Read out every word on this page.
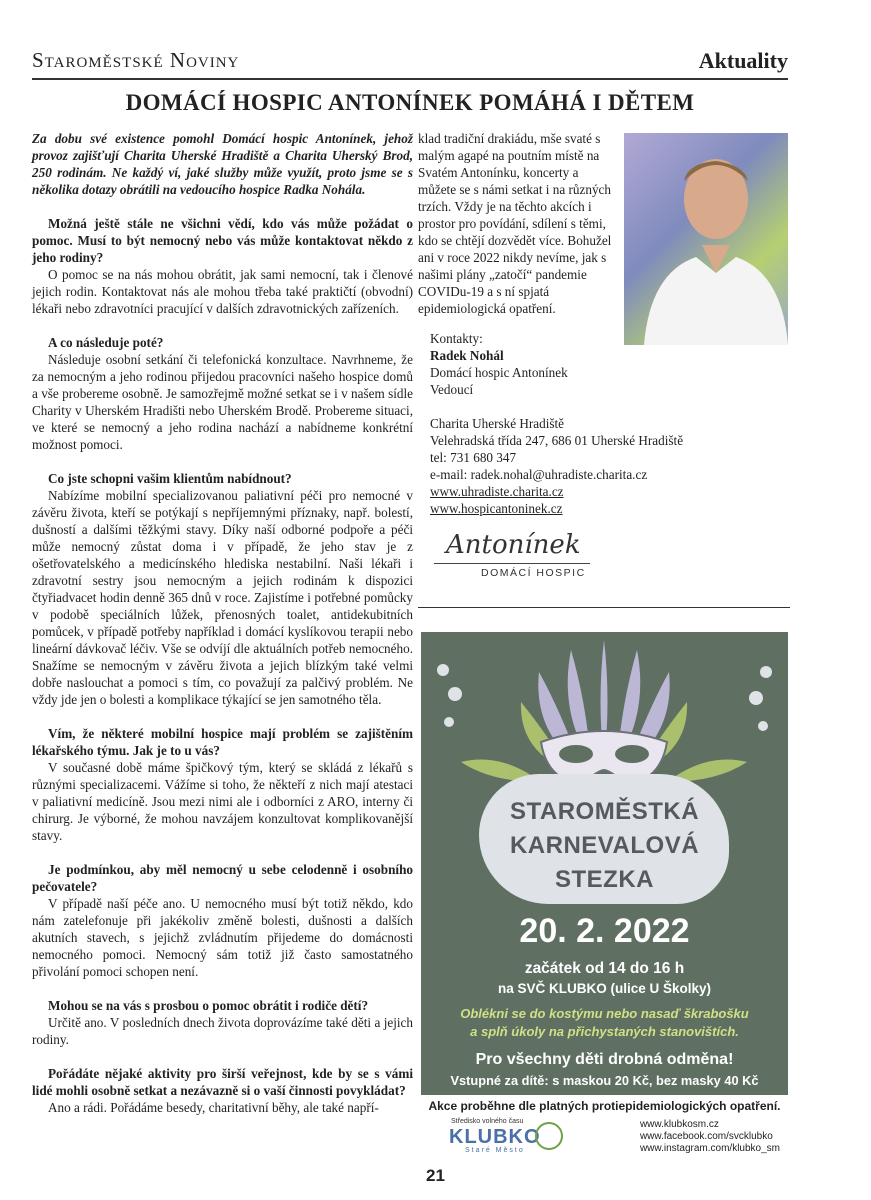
Staroměstské Noviny	Aktuality
DOMÁCÍ HOSPIC ANTONÍNEK POMÁHÁ I DĚTEM

Za dobu své existence pomohl Domácí hospic Antonínek, jehož provoz zajišťují Charita Uherské Hradiště a Charita Uherský Brod, 250 rodinám. Ne každý ví, jaké služby může využít, proto jsme se s několika dotazy obrátili na vedoucího hospice Radka Nohála.

Možná ještě stále ne všichni vědí, kdo vás může požádat o pomoc. Musí to být nemocný nebo vás může kontaktovat někdo z jeho rodiny?

O pomoc se na nás mohou obrátit, jak sami nemocní, tak i členové jejich rodin. Kontaktovat nás ale mohou třeba také praktičtí (obvodní) lékaři nebo zdravotníci pracující v dalších zdravotnických zařízeních.

A co následuje poté?

Následuje osobní setkání či telefonická konzultace. Navrhneme, že za nemocným a jeho rodinou přijedou pracovníci našeho hospice domů a vše probereme osobně. Je samozřejmě možné setkat se i v našem sídle Charity v Uherském Hradišti nebo Uherském Brodě. Probereme situaci, ve které se nemocný a jeho rodina nachází a nabídneme konkrétní možnost pomoci.

Co jste schopni vašim klientům nabídnout?

Nabízíme mobilní specializovanou paliativní péči pro nemocné v závěru života, kteří se potýkají s nepříjemnými příznaky, např. bolestí, dušností a dalšími těžkými stavy. Díky naší odborné podpoře a péči může nemocný zůstat doma i v případě, že jeho stav je z ošetřovatelského a medicínského hlediska nestabilní. Naši lékaři i zdravotní sestry jsou nemocným a jejich rodinám k dispozici čtyřiadvacet hodin denně 365 dnů v roce. Zajistíme i potřebné pomůcky v podobě speciálních lůžek, přenosných toalet, antidekubitních pomůcek, v případě potřeby například i domácí kyslíkovou terapii nebo lineární dávkovač léčiv. Vše se odvíjí dle aktuálních potřeb nemocného. Snažíme se nemocným v závěru života a jejich blízkým také velmi dobře naslouchat a pomoci s tím, co považují za palčivý problém. Ne vždy jde jen o bolesti a komplikace týkající se jen samotného těla.

Vím, že některé mobilní hospice mají problém se zajištěním lékařského týmu. Jak je to u vás?

V současné době máme špičkový tým, který se skládá z lékařů s různými specializacemi. Vážíme si toho, že někteří z nich mají atestaci v paliativní medicíně. Jsou mezi nimi ale i odborníci z ARO, interny či chirurg. Je výborné, že mohou navzájem konzultovat komplikovanější stavy.

Je podmínkou, aby měl nemocný u sebe celodenně i osobního pečovatele?

V případě naší péče ano. U nemocného musí být totiž někdo, kdo nám zatelefonuje při jakékoliv změně bolesti, dušnosti a dalších akutních stavech, s jejichž zvládnutím přijedeme do domácnosti nemocného pomoci. Nemocný sám totiž již často samostatného přivolání pomoci schopen není.

Mohou se na vás s prosbou o pomoc obrátit i rodiče dětí?

Určitě ano. V posledních dnech života doprovázíme také děti a jejich rodiny.

Pořádáte nějaké aktivity pro širší veřejnost, kde by se s vámi lidé mohli osobně setkat a nezávazně si o vaší činnosti povykládat?

Ano a rádi. Pořádáme besedy, charitativní běhy, ale také napří-

klad tradiční drakiádu, mše svaté s malým agapé na poutním místě na Svatém Antonínku, koncerty a můžete se s námi setkat i na různých trzích. Vždy je na těchto akcích i prostor pro povídání, sdílení s těmi, kdo se chtějí dozvědět více. Bohužel ani v roce 2022 nikdy nevíme, jak s našimi plány „zatočí“ pandemie COVIDu-19 a s ní spjatá epidemiologická opatření.

Kontakty:
Radek Nohál
Domácí hospic Antonínek
Vedoucí
Charita Uherské Hradiště
Velehradská třída 247, 686 01 Uherské Hradiště
tel: 731 680 347
e-mail: radek.nohal@uhradiste.charita.cz
www.uhradiste.charita.cz
www.hospicantoninek.cz
Antonínek
DOMÁCÍ HOSPIC
STAROMĚSTKÁ
KARNEVALOVÁ
STEZKA
20. 2. 2022
začátek od 14 do 16 h
na SVČ KLUBKO (ulice U Školky)
Oblékni se do kostýmu nebo nasaď škrabošku
a splň úkoly na přichystaných stanovištích.
Pro všechny děti drobná odměna!
Vstupné za dítě: s maskou 20 Kč, bez masky 40 Kč
Akce proběhne dle platných protiepidemiologických opatření.
Středisko volného času
KLUBKO
Staré Město
www.klubkosm.cz
www.facebook.com/svcklubko
www.instagram.com/klubko_sm
21
